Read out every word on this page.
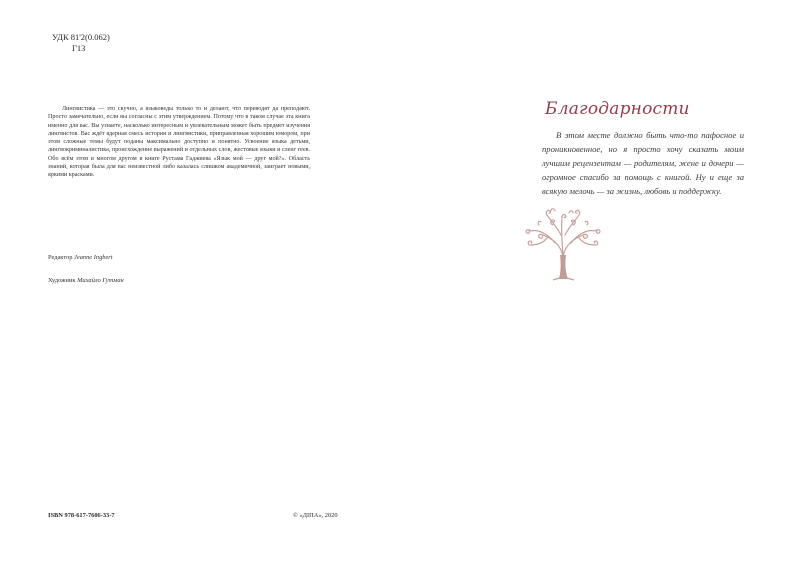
УДК 81'2(0.062)
Г13
Лингвистика — это скучно, а языковеды только то и делают, что переводят да преподают. Просто замечательно, если вы согласны с этим утверждением. Потому что в таком случае эта книга именно для вас. Вы узнаете, насколько интересным и увлекательным может быть предмет изучения лингвистов. Вас ждёт ядерная смесь истории и лингвистики, приправленная хорошим юмором, при этом сложные темы будут поданы максимально доступно и понятно. Усвоение языка детьми, лингвокриминалистика, происхождение выражений и отдельных слов, жестовые языки и сленг геев. Обо всём этом и многом другом в книге Рустама Гаджиева «Язык мой — друг мой?». Область знаний, которая была для вас неизвестной либо казалась слишком академичной, заиграет новыми, яркими красками.
Редактор Jeanne Ingbert
Художник Михайло Гутман
ISBN 978-617-7606-33-7	© «ДІПА», 2020
Благодарности
В этом месте должно быть что-то пафосное и проникновенное, но я просто хочу сказать моим лучшим рецензентам — родителям, жене и дочери — огромное спасибо за помощь с книгой. Ну и еще за всякую мелочь — за жизнь, любовь и поддержку.
